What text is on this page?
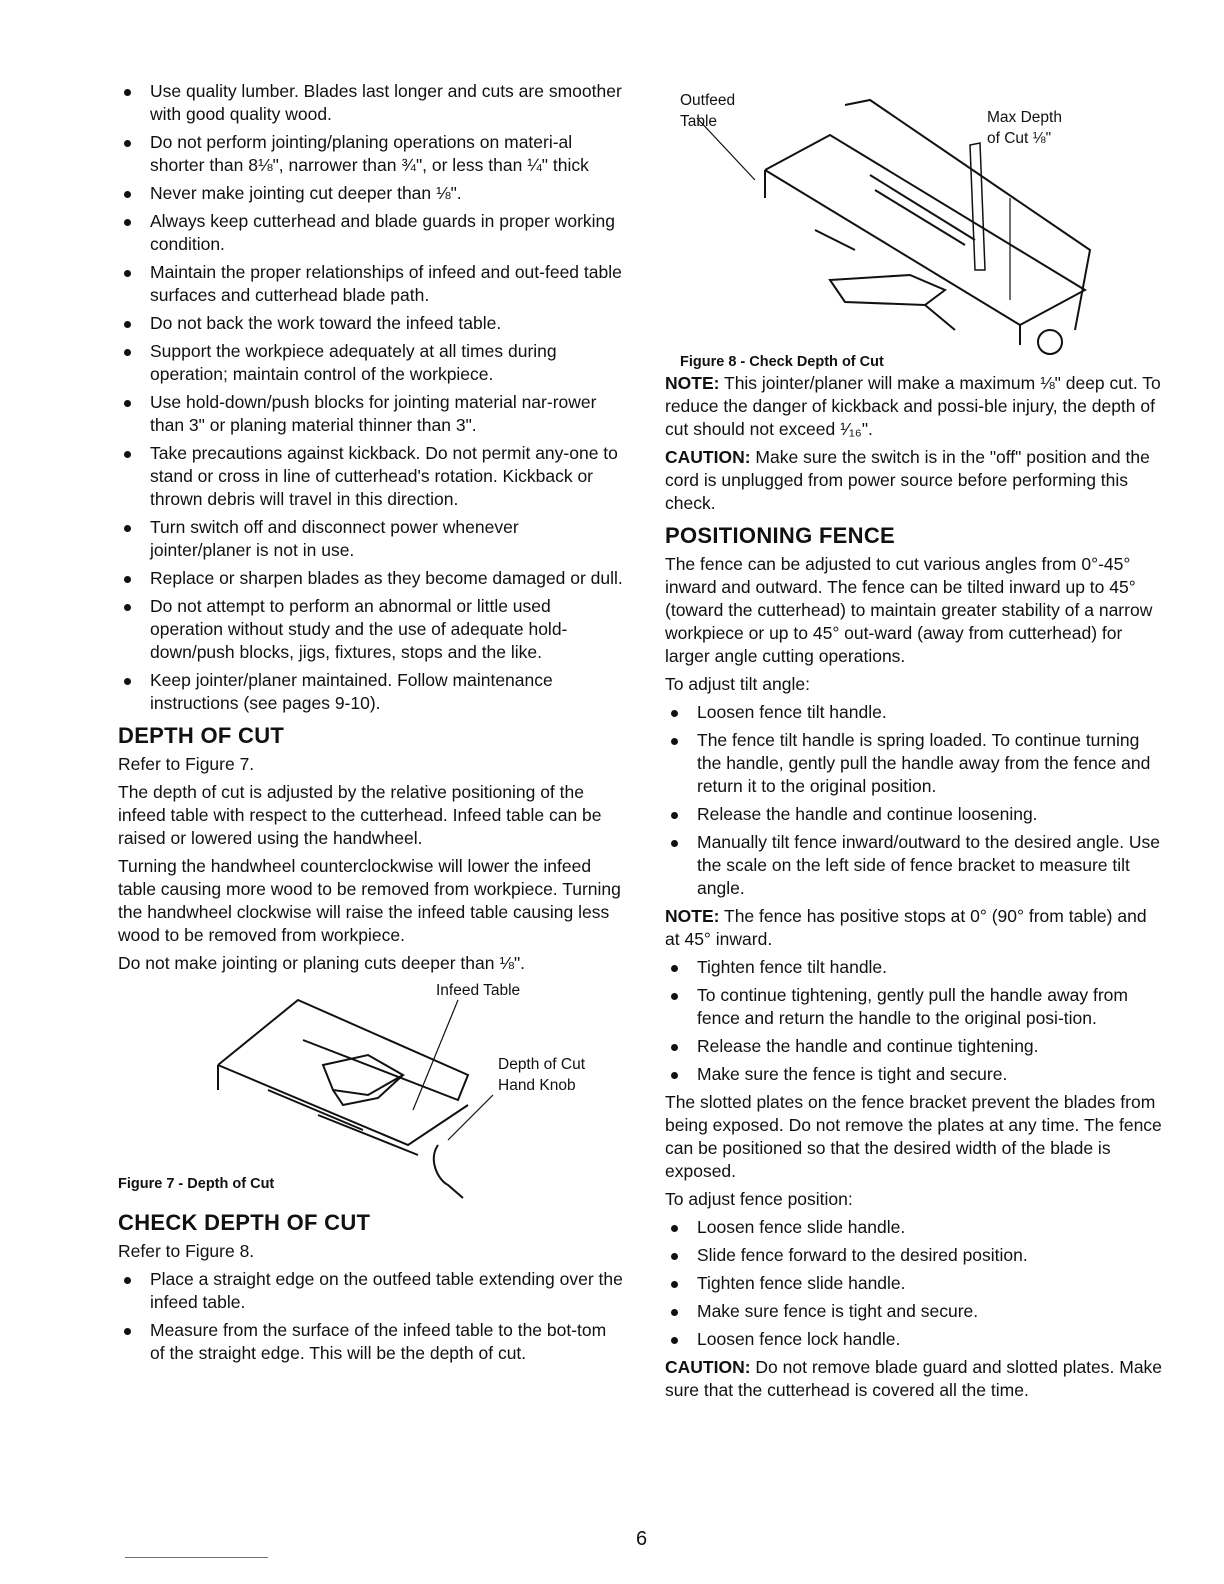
Use quality lumber. Blades last longer and cuts are smoother with good quality wood.
Do not perform jointing/planing operations on materi-al shorter than 8⅛", narrower than ¾", or less than ¼" thick
Never make jointing cut deeper than ⅛".
Always keep cutterhead and blade guards in proper working condition.
Maintain the proper relationships of infeed and out-feed table surfaces and cutterhead blade path.
Do not back the work toward the infeed table.
Support the workpiece adequately at all times during operation; maintain control of the workpiece.
Use hold-down/push blocks for jointing material nar-rower than 3" or planing material thinner than 3".
Take precautions against kickback. Do not permit any-one to stand or cross in line of cutterhead's rotation. Kickback or thrown debris will travel in this direction.
Turn switch off and disconnect power whenever jointer/planer is not in use.
Replace or sharpen blades as they become damaged or dull.
Do not attempt to perform an abnormal or little used operation without study and the use of adequate hold-down/push blocks, jigs, fixtures, stops and the like.
Keep jointer/planer maintained. Follow maintenance instructions (see pages 9-10).
DEPTH OF CUT

Refer to Figure 7.

The depth of cut is adjusted by the relative positioning of the infeed table with respect to the cutterhead. Infeed table can be raised or lowered using the handwheel.

Turning the handwheel counterclockwise will lower the infeed table causing more wood to be removed from workpiece. Turning the handwheel clockwise will raise the infeed table causing less wood to be removed from workpiece.

Do not make jointing or planing cuts deeper than ⅛".

Infeed Table
Depth of Cut
Hand Knob
Figure 7 - Depth of Cut
CHECK DEPTH OF CUT

Refer to Figure 8.

Place a straight edge on the outfeed table extending over the infeed table.
Measure from the surface of the infeed table to the bot-tom of the straight edge. This will be the depth of cut.
Outfeed
Table	Max Depth
of Cut ⅛"
Figure 8 - Check Depth of Cut

NOTE: This jointer/planer will make a maximum ⅛" deep cut. To reduce the danger of kickback and possi-ble injury, the depth of cut should not exceed ¹⁄₁₆".

CAUTION: Make sure the switch is in the "off" position and the cord is unplugged from power source before performing this check.

POSITIONING FENCE

The fence can be adjusted to cut various angles from 0°-45° inward and outward. The fence can be tilted inward up to 45° (toward the cutterhead) to maintain greater stability of a narrow workpiece or up to 45° out-ward (away from cutterhead) for larger angle cutting operations.

To adjust tilt angle:

Loosen fence tilt handle.
The fence tilt handle is spring loaded. To continue turning the handle, gently pull the handle away from the fence and return it to the original position.
Release the handle and continue loosening.
Manually tilt fence inward/outward to the desired angle. Use the scale on the left side of fence bracket to measure tilt angle.

NOTE: The fence has positive stops at 0° (90° from table) and at 45° inward.

Tighten fence tilt handle.
To continue tightening, gently pull the handle away from fence and return the handle to the original posi-tion.
Release the handle and continue tightening.
Make sure the fence is tight and secure.

The slotted plates on the fence bracket prevent the blades from being exposed. Do not remove the plates at any time. The fence can be positioned so that the desired width of the blade is exposed.

To adjust fence position:

Loosen fence slide handle.
Slide fence forward to the desired position.
Tighten fence slide handle.
Make sure fence is tight and secure.
Loosen fence lock handle.

CAUTION: Do not remove blade guard and slotted plates. Make sure that the cutterhead is covered all the time.

6
